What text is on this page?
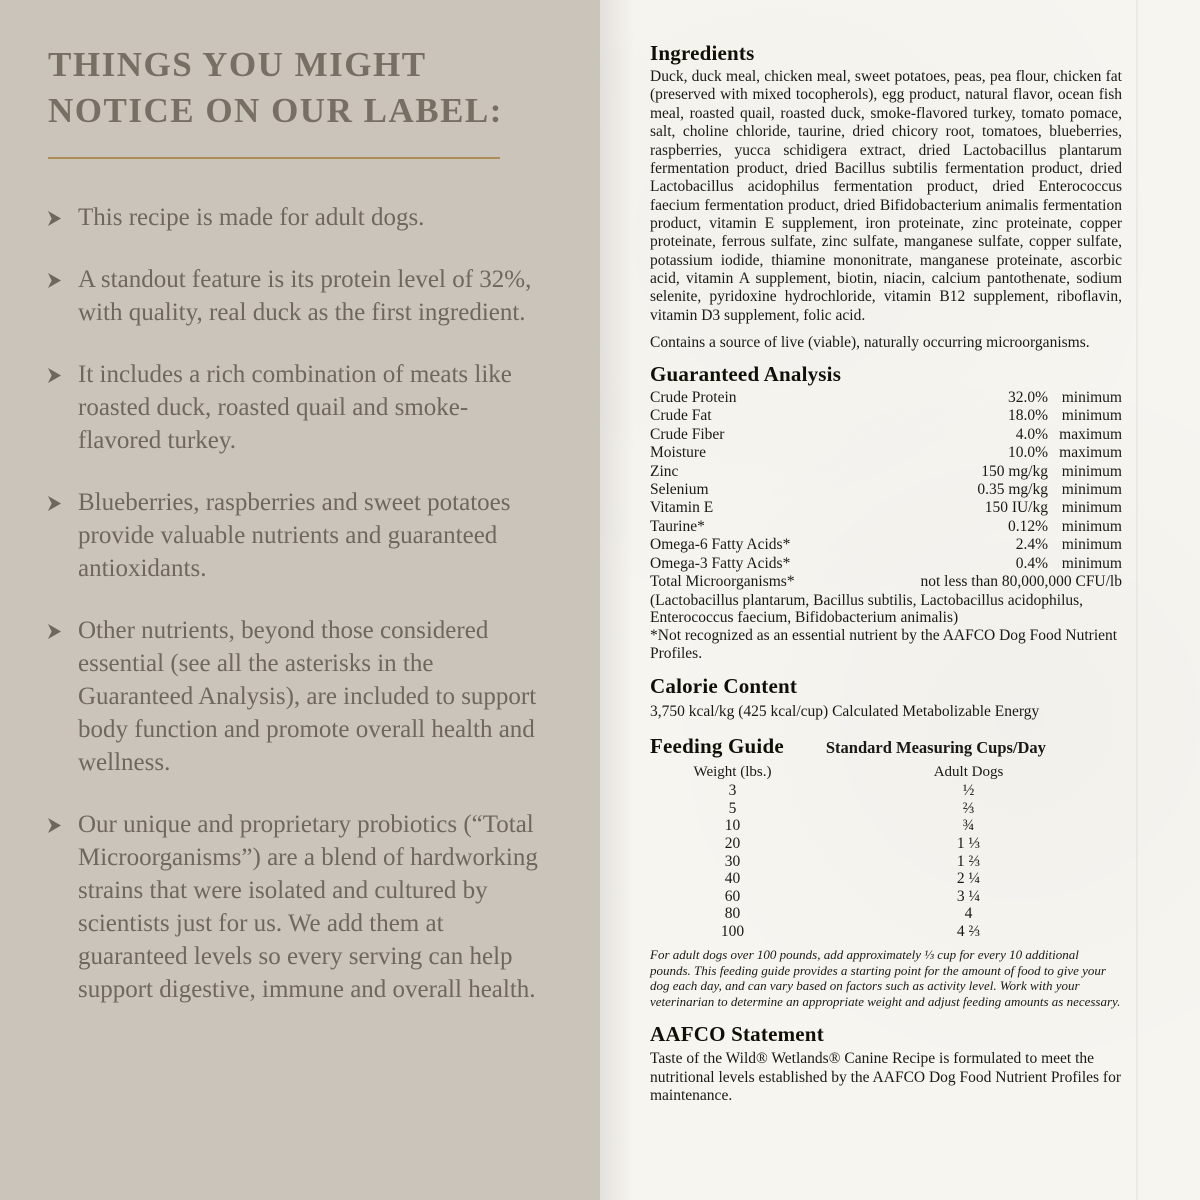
THINGS YOU MIGHT NOTICE ON OUR LABEL:
This recipe is made for adult dogs.
A standout feature is its protein level of 32%, with quality, real duck as the first ingredient.
It includes a rich combination of meats like roasted duck, roasted quail and smoke-flavored turkey.
Blueberries, raspberries and sweet potatoes provide valuable nutrients and guaranteed antioxidants.
Other nutrients, beyond those considered essential (see all the asterisks in the Guaranteed Analysis), are included to support body function and promote overall health and wellness.
Our unique and proprietary probiotics (“Total Microorganisms”) are a blend of hardworking strains that were isolated and cultured by scientists just for us. We add them at guaranteed levels so every serving can help support digestive, immune and overall health.
Ingredients

Duck, duck meal, chicken meal, sweet potatoes, peas, pea flour, chicken fat (preserved with mixed tocopherols), egg product, natural flavor, ocean fish meal, roasted quail, roasted duck, smoke-flavored turkey, tomato pomace, salt, choline chloride, taurine, dried chicory root, tomatoes, blueberries, raspberries, yucca schidigera extract, dried Lactobacillus plantarum fermentation product, dried Bacillus subtilis fermentation product, dried Lactobacillus acidophilus fermentation product, dried Enterococcus faecium fermentation product, dried Bifidobacterium animalis fermentation product, vitamin E supplement, iron proteinate, zinc proteinate, copper proteinate, ferrous sulfate, zinc sulfate, manganese sulfate, copper sulfate, potassium iodide, thiamine mononitrate, manganese proteinate, ascorbic acid, vitamin A supplement, biotin, niacin, calcium pantothenate, sodium selenite, pyridoxine hydrochloride, vitamin B12 supplement, riboflavin, vitamin D3 supplement, folic acid.

Contains a source of live (viable), naturally occurring microorganisms.

Guaranteed Analysis
Crude Protein	32.0% minimum
Crude Fat	18.0% minimum
Crude Fiber	4.0% maximum
Moisture	10.0% maximum
Zinc	150 mg/kg minimum
Selenium	0.35 mg/kg minimum
Vitamin E	150 IU/kg minimum
Taurine*	0.12% minimum
Omega-6 Fatty Acids*	2.4% minimum
Omega-3 Fatty Acids*	0.4% minimum
Total Microorganisms*	not less than 80,000,000 CFU/lb

(Lactobacillus plantarum, Bacillus subtilis, Lactobacillus acidophilus, Enterococcus faecium, Bifidobacterium animalis)

*Not recognized as an essential nutrient by the AAFCO Dog Food Nutrient Profiles.

Calorie Content

3,750 kcal/kg (425 kcal/cup) Calculated Metabolizable Energy

Feeding Guide	Standard Measuring Cups/Day
Weight (lbs.)	Adult Dogs
3	½
5	⅔
10	¾
20	1 ⅓
30	1 ⅔
40	2 ¼
60	3 ¼
80	4
100	4 ⅔

For adult dogs over 100 pounds, add approximately ⅓ cup for every 10 additional pounds. This feeding guide provides a starting point for the amount of food to give your dog each day, and can vary based on factors such as activity level. Work with your veterinarian to determine an appropriate weight and adjust feeding amounts as necessary.

AAFCO Statement

Taste of the Wild® Wetlands® Canine Recipe is formulated to meet the nutritional levels established by the AAFCO Dog Food Nutrient Profiles for maintenance.
